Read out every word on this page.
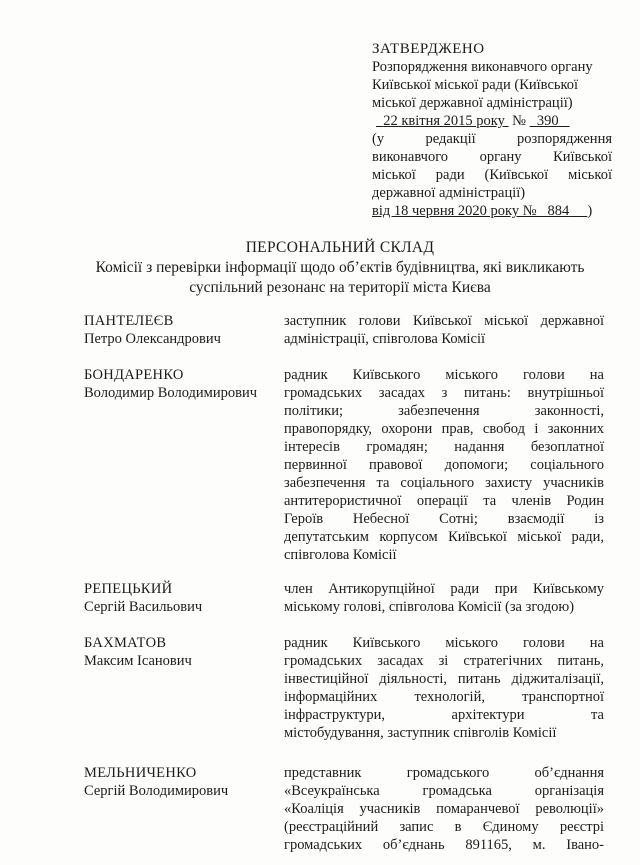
ЗАТВЕРДЖЕНО
Розпорядження виконавчого органу
Київської міської ради (Київської
міської державної адміністрації)
22 квітня 2015 року № 390
(у редакції розпорядження
виконавчого органу Київської
міської ради (Київської міської
державної адміністрації)
від 18 червня 2020 року № 884 )
ПЕРСОНАЛЬНИЙ СКЛАД
Комісії з перевірки інформації щодо об’єктів будівництва, які викликають
суспільний резонанс на території міста Києва
ПАНТЕЛЕЄВ
Петро Олександрович
заступник голови Київської міської державної
адміністрації, співголова Комісії
БОНДАРЕНКО
Володимир Володимирович
радник Київського міського голови на
громадських засадах з питань: внутрішньої
політики; забезпечення законності,
правопорядку, охорони прав, свобод і законних
інтересів громадян; надання безоплатної
первинної правової допомоги; соціального
забезпечення та соціального захисту учасників
антитерористичної операції та членів Родин
Героїв Небесної Сотні; взаємодії із
депутатським корпусом Київської міської ради,
співголова Комісії
РЕПЕЦЬКИЙ
Сергій Васильович
член Антикорупційної ради при Київському
міському голові, співголова Комісії (за згодою)
БАХМАТОВ
Максим Ісанович
радник Київського міського голови на
громадських засадах зі стратегічних питань,
інвестиційної діяльності, питань діджиталізації,
інформаційних технологій, транспортної
інфраструктури, архітектури та
містобудування, заступник співголів Комісії
МЕЛЬНИЧЕНКО
Сергій Володимирович
представник громадського об’єднання
«Всеукраїнська громадська організація
«Коаліція учасників помаранчевої революції»
(реєстраційний запис в Єдиному реєстрі
громадських об’єднань 891165, м. Івано-
